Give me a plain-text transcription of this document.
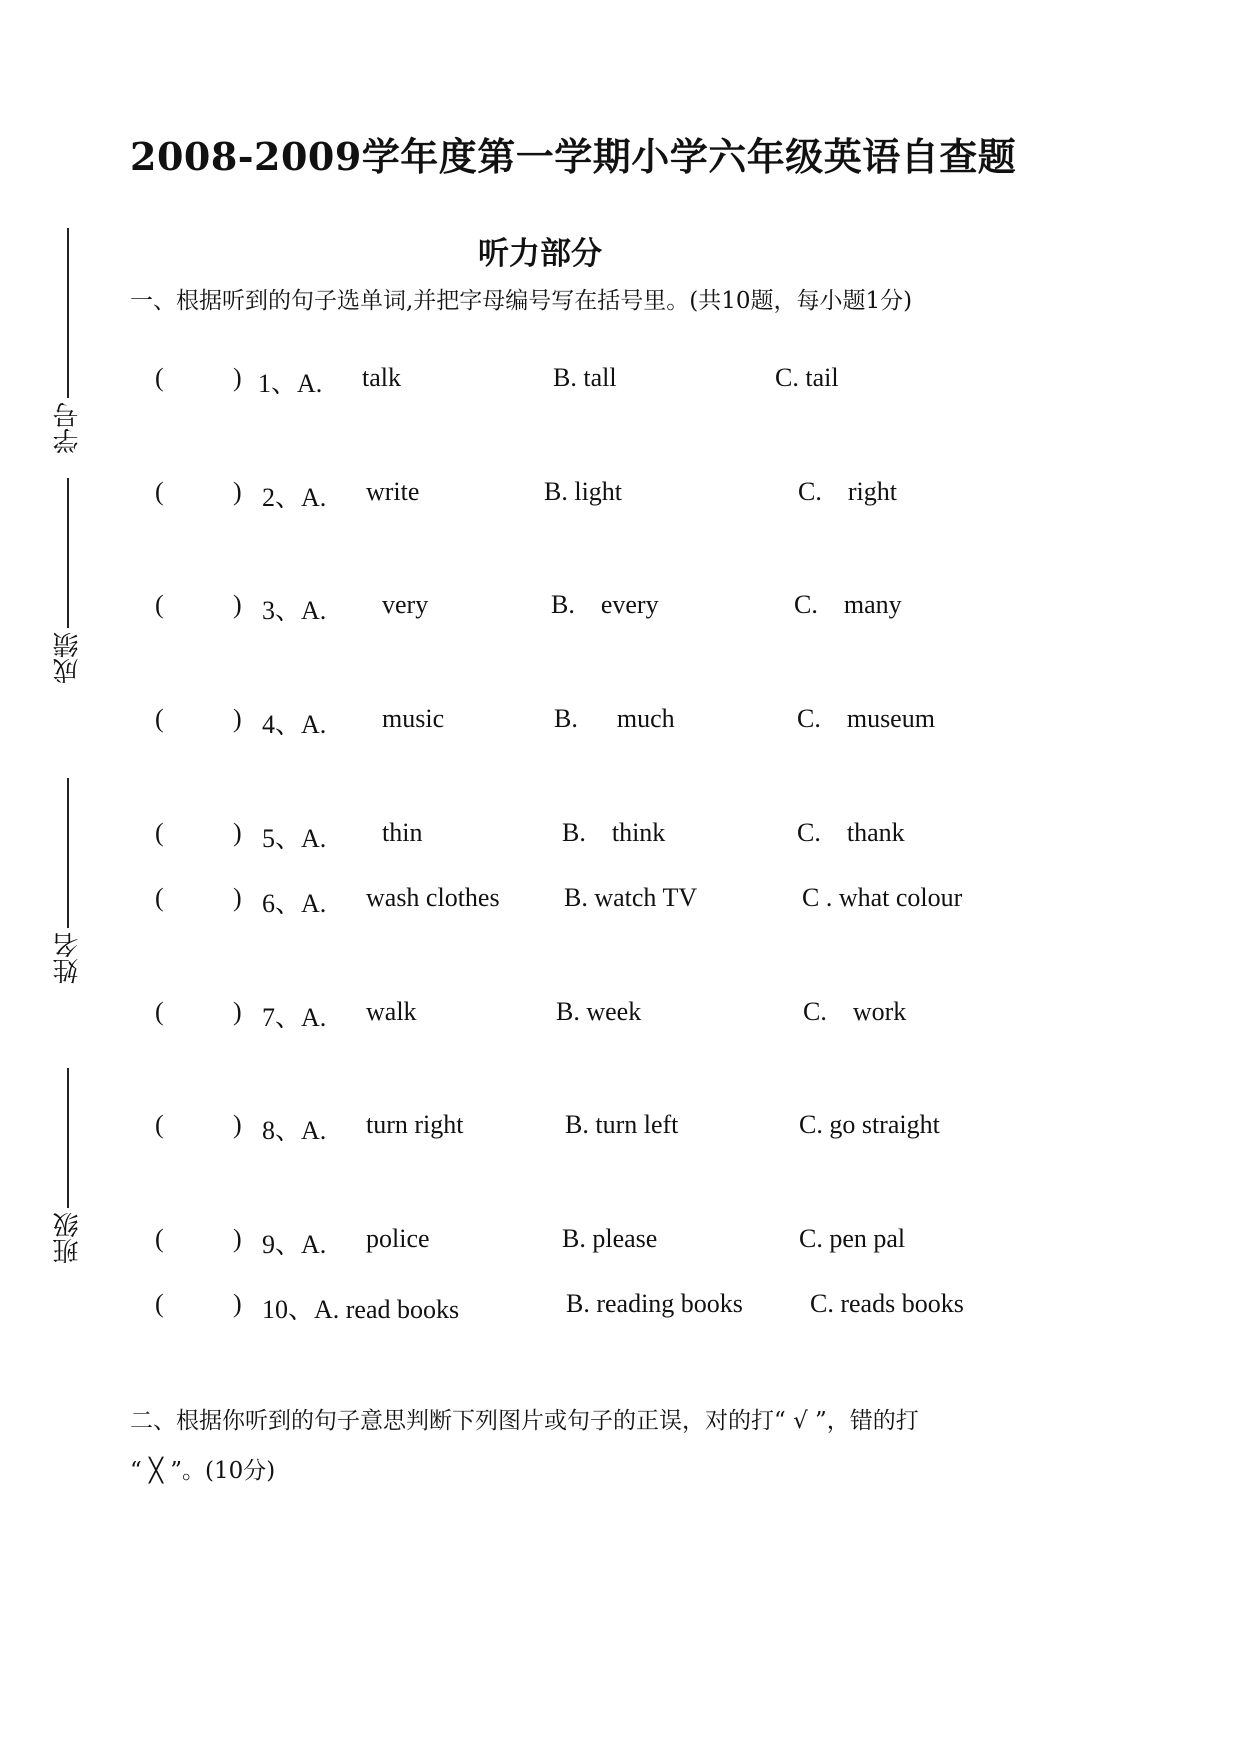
学号
成绩
姓名
班级
2008-2009学年度第一学期小学六年级英语自查题
听力部分
一、根据听到的句子选单词,并把字母编号写在括号里。(共10题，每小题1分)
(	) 1、A. talk	B. tall	C. tail
(	) 2、A. write	B. light	C.    right
(	) 3、A. very	B.    every	C.    many
(	) 4、A. music	B.      much	C.    museum
(	) 5、A. thin	B.    think	C.    thank
(	) 6、A. wash clothes B. watch TV	C . what colour
(	) 7、A. walk	B. week	C.    work
(	) 8、A. turn right	B. turn left	C. go straight
(	) 9、A. police	B. please	C. pen pal
(	) 10、A. read books	B. reading books	C. reads books
二、根据你听到的句子意思判断下列图片或句子的正误，对的打“ √ ”，错的打
“ ╳ ”。(10分)
